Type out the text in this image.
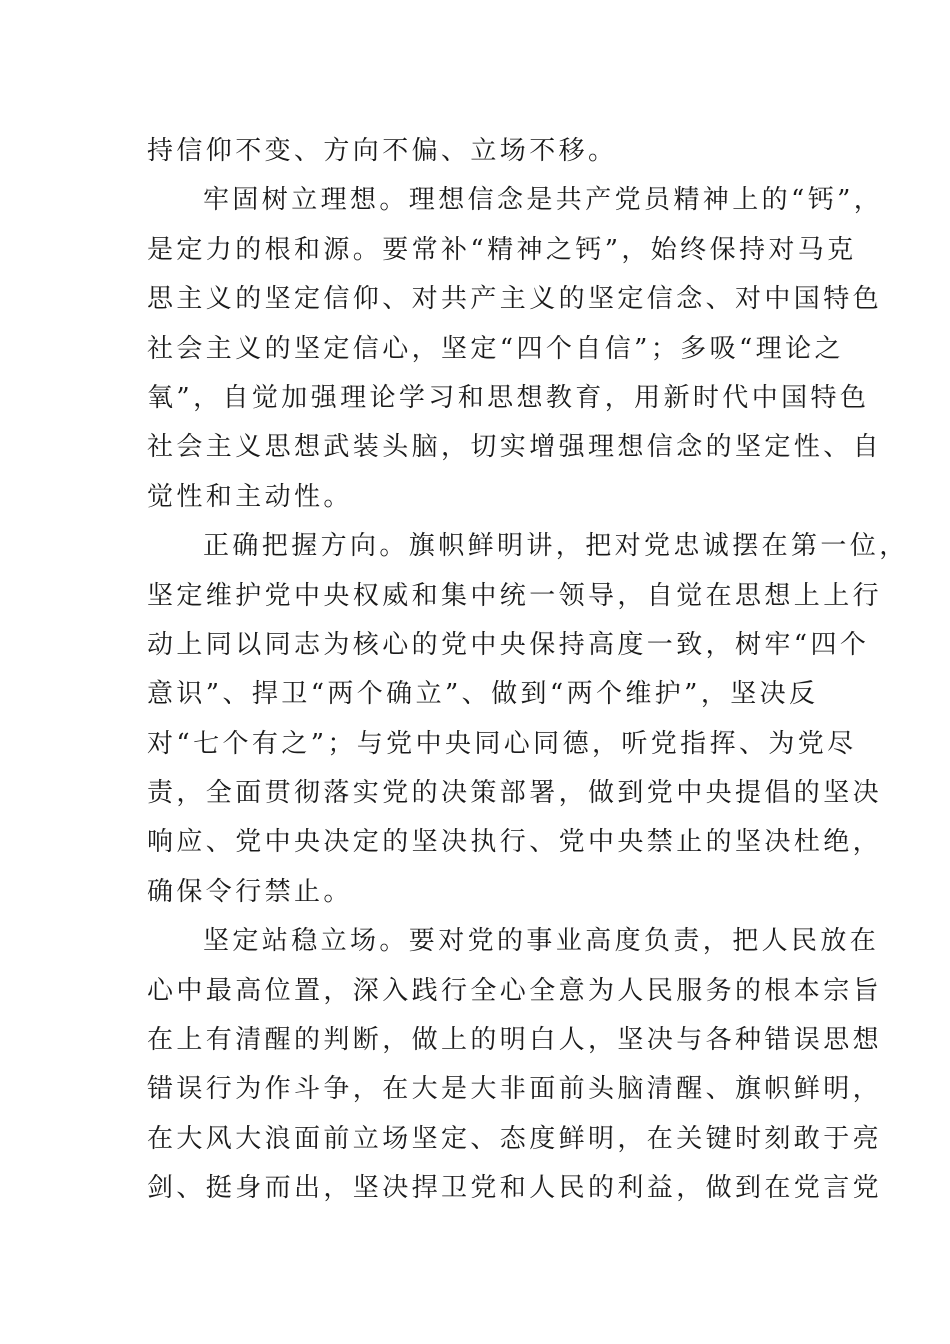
持信仰不变、方向不偏、立场不移。
牢固树立理想。理想信念是共产党员精神上的“钙”，
是定力的根和源。要常补“精神之钙”，始终保持对马克
思主义的坚定信仰、对共产主义的坚定信念、对中国特色
社会主义的坚定信心，坚定“四个自信”；多吸“理论之
氧”，自觉加强理论学习和思想教育，用新时代中国特色
社会主义思想武装头脑，切实增强理想信念的坚定性、自
觉性和主动性。
正确把握方向。旗帜鲜明讲，把对党忠诚摆在第一位，
坚定维护党中央权威和集中统一领导，自觉在思想上上行
动上同以同志为核心的党中央保持高度一致，树牢“四个
意识”、捍卫“两个确立”、做到“两个维护”，坚决反
对“七个有之”；与党中央同心同德，听党指挥、为党尽
责，全面贯彻落实党的决策部署，做到党中央提倡的坚决
响应、党中央决定的坚决执行、党中央禁止的坚决杜绝，
确保令行禁止。
坚定站稳立场。要对党的事业高度负责，把人民放在
心中最高位置，深入践行全心全意为人民服务的根本宗旨
在上有清醒的判断，做上的明白人，坚决与各种错误思想
错误行为作斗争，在大是大非面前头脑清醒、旗帜鲜明，
在大风大浪面前立场坚定、态度鲜明，在关键时刻敢于亮
剑、挺身而出，坚决捍卫党和人民的利益，做到在党言党
